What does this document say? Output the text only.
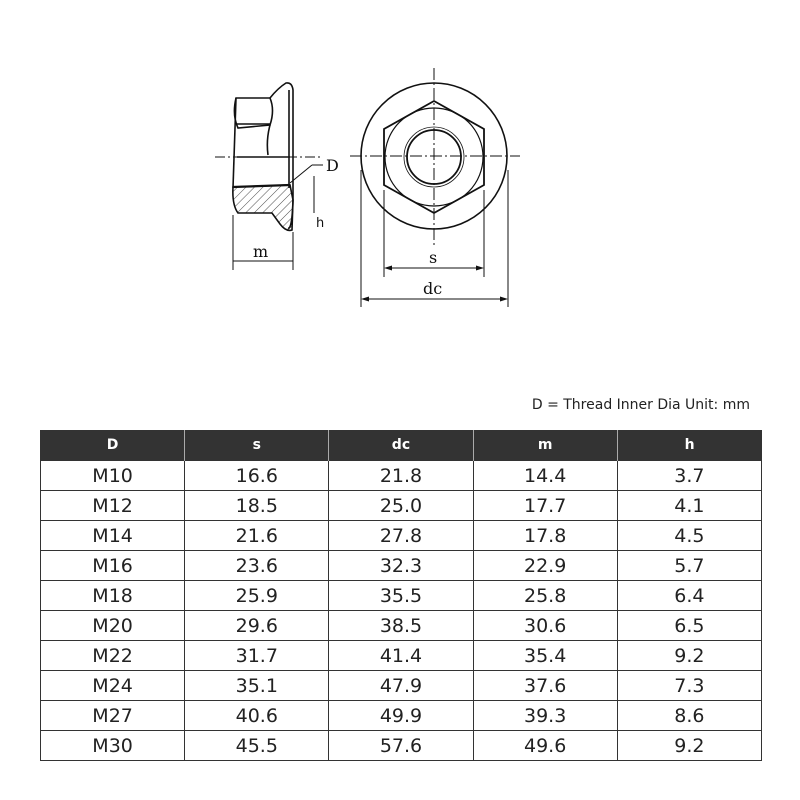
D
h
m	s
dc
D = Thread Inner Dia Unit: mm
D	s	dc	m	h
M10	16.6	21.8	14.4	3.7
M12	18.5	25.0	17.7	4.1
M14	21.6	27.8	17.8	4.5
M16	23.6	32.3	22.9	5.7
M18	25.9	35.5	25.8	6.4
M20	29.6	38.5	30.6	6.5
M22	31.7	41.4	35.4	9.2
M24	35.1	47.9	37.6	7.3
M27	40.6	49.9	39.3	8.6
M30	45.5	57.6	49.6	9.2
